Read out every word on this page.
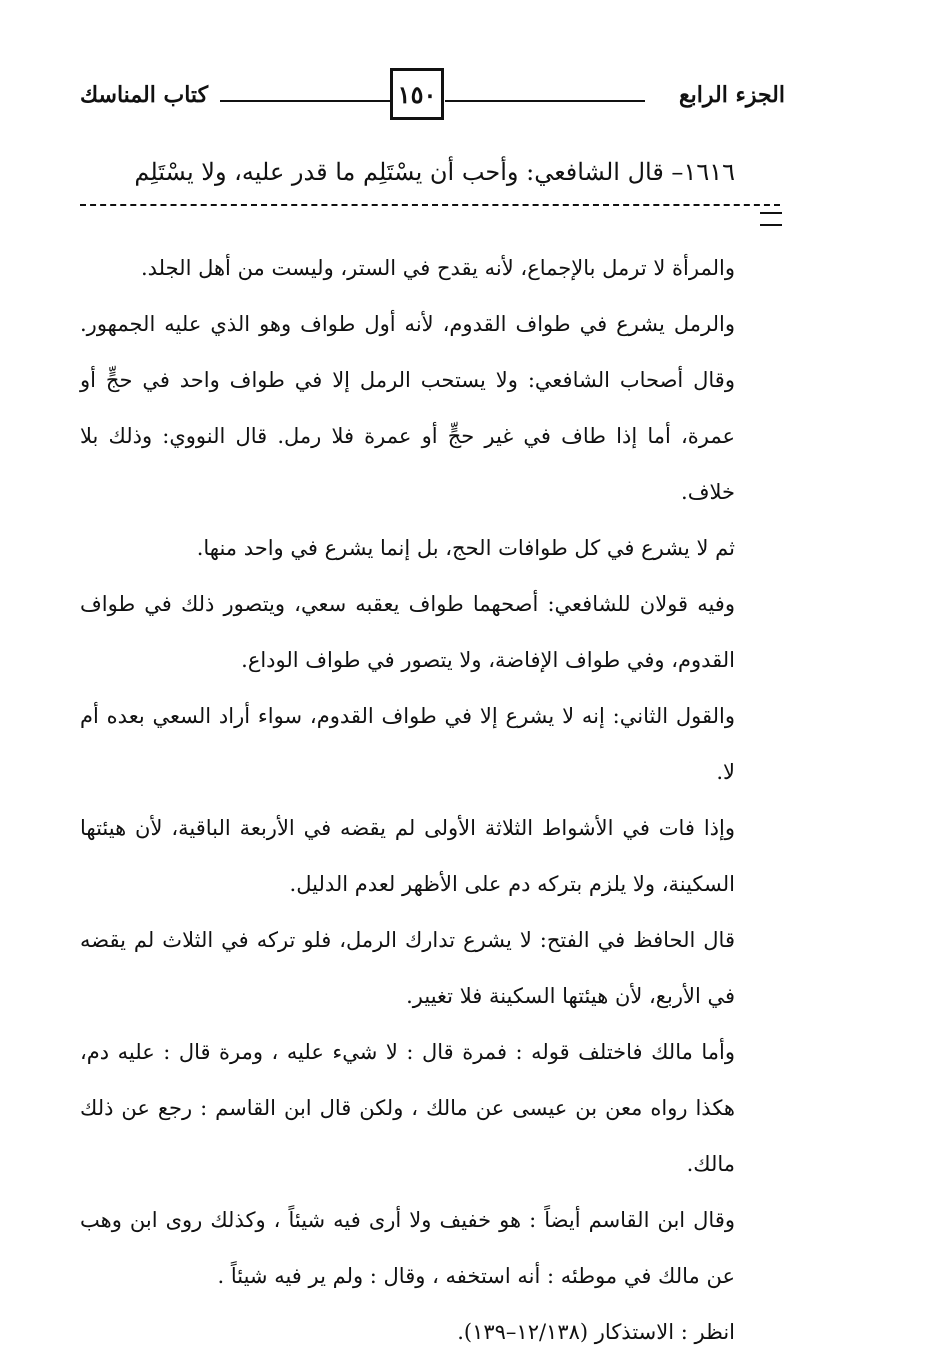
الجزء الرابع
١٥٠
كتاب المناسك
١٦١٦– قال الشافعي: وأحب أن يسْتَلِم ما قدر عليه، ولا يسْتَلِم

والمرأة لا ترمل بالإجماع، لأنه يقدح في الستر، وليست من أهل الجلد.

والرمل يشرع في طواف القدوم، لأنه أول طواف وهو الذي عليه الجمهور. وقال أصحاب الشافعي: ولا يستحب الرمل إلا في طواف واحد في حجٍّ أو عمرة، أما إذا طاف في غير حجٍّ أو عمرة فلا رمل. قال النووي: وذلك بلا خلاف.

ثم لا يشرع في كل طوافات الحج، بل إنما يشرع في واحد منها.

وفيه قولان للشافعي: أصحهما طواف يعقبه سعي، ويتصور ذلك في طواف القدوم، وفي طواف الإفاضة، ولا يتصور في طواف الوداع.

والقول الثاني: إنه لا يشرع إلا في طواف القدوم، سواء أراد السعي بعده أم لا.

وإذا فات في الأشواط الثلاثة الأولى لم يقضه في الأربعة الباقية، لأن هيئتها السكينة، ولا يلزم بتركه دم على الأظهر لعدم الدليل.

قال الحافظ في الفتح: لا يشرع تدارك الرمل، فلو تركه في الثلاث لم يقضه في الأربع، لأن هيئتها السكينة فلا تغيير.

وأما مالك فاختلف قوله : فمرة قال : لا شيء عليه ، ومرة قال : عليه دم، هكذا رواه معن بن عيسى عن مالك ، ولكن قال ابن القاسم : رجع عن ذلك مالك.

وقال ابن القاسم أيضاً : هو خفيف ولا أرى فيه شيئاً ، وكذلك روى ابن وهب عن مالك في موطئه : أنه استخفه ، وقال : ولم ير فيه شيئاً .

انظر : الاستذكار (١٢/١٣٨–١٣٩).
